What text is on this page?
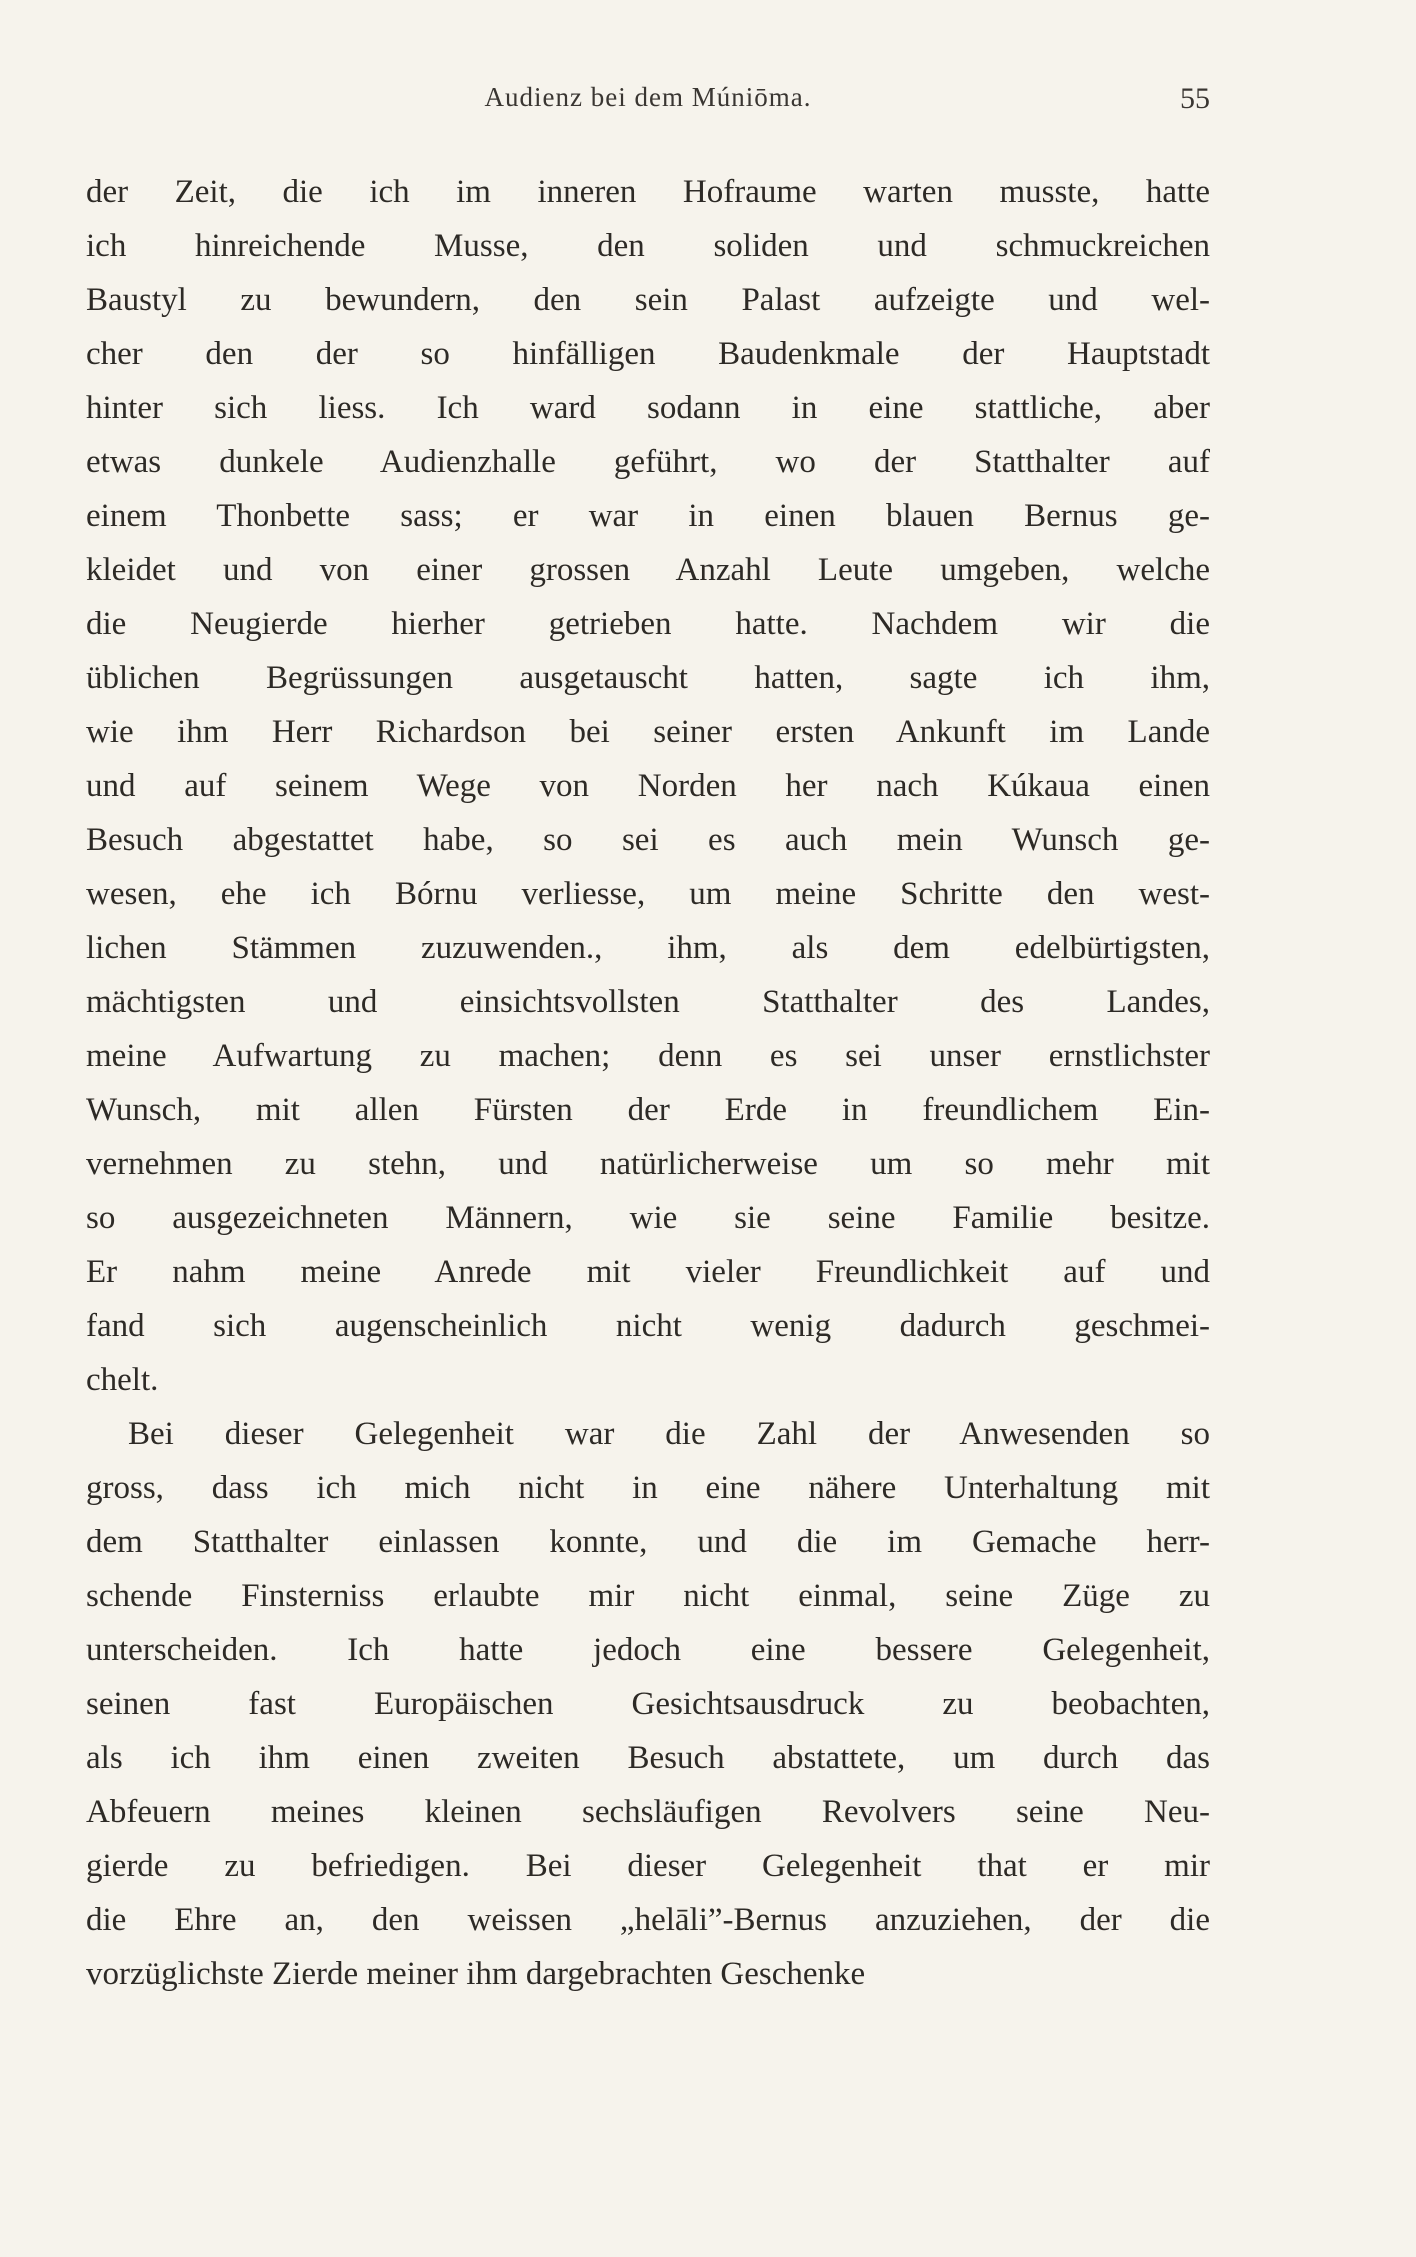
Audienz bei dem Múniōma.	55
der Zeit, die ich im inneren Hofraume warten musste, hatte
ich hinreichende Musse, den soliden und schmuckreichen
Baustyl zu bewundern, den sein Palast aufzeigte und wel-
cher den der so hinfälligen Baudenkmale der Hauptstadt
hinter sich liess. Ich ward sodann in eine stattliche, aber
etwas dunkele Audienzhalle geführt, wo der Statthalter auf
einem Thonbette sass; er war in einen blauen Bernus ge-
kleidet und von einer grossen Anzahl Leute umgeben, welche
die Neugierde hierher getrieben hatte. Nachdem wir die
üblichen Begrüssungen ausgetauscht hatten, sagte ich ihm,
wie ihm Herr Richardson bei seiner ersten Ankunft im Lande
und auf seinem Wege von Norden her nach Kúkaua einen
Besuch abgestattet habe, so sei es auch mein Wunsch ge-
wesen, ehe ich Bórnu verliesse, um meine Schritte den west-
lichen Stämmen zuzuwenden., ihm, als dem edelbürtigsten,
mächtigsten und einsichtsvollsten Statthalter des Landes,
meine Aufwartung zu machen; denn es sei unser ernstlichster
Wunsch, mit allen Fürsten der Erde in freundlichem Ein-
vernehmen zu stehn, und natürlicherweise um so mehr mit
so ausgezeichneten Männern, wie sie seine Familie besitze.
Er nahm meine Anrede mit vieler Freundlichkeit auf und
fand sich augenscheinlich nicht wenig dadurch geschmei-
chelt.
Bei dieser Gelegenheit war die Zahl der Anwesenden so
gross, dass ich mich nicht in eine nähere Unterhaltung mit
dem Statthalter einlassen konnte, und die im Gemache herr-
schende Finsterniss erlaubte mir nicht einmal, seine Züge zu
unterscheiden. Ich hatte jedoch eine bessere Gelegenheit,
seinen fast Europäischen Gesichtsausdruck zu beobachten,
als ich ihm einen zweiten Besuch abstattete, um durch das
Abfeuern meines kleinen sechsläufigen Revolvers seine Neu-
gierde zu befriedigen. Bei dieser Gelegenheit that er mir
die Ehre an, den weissen „helāli”-Bernus anzuziehen, der die
vorzüglichste Zierde meiner ihm dargebrachten Geschenke
